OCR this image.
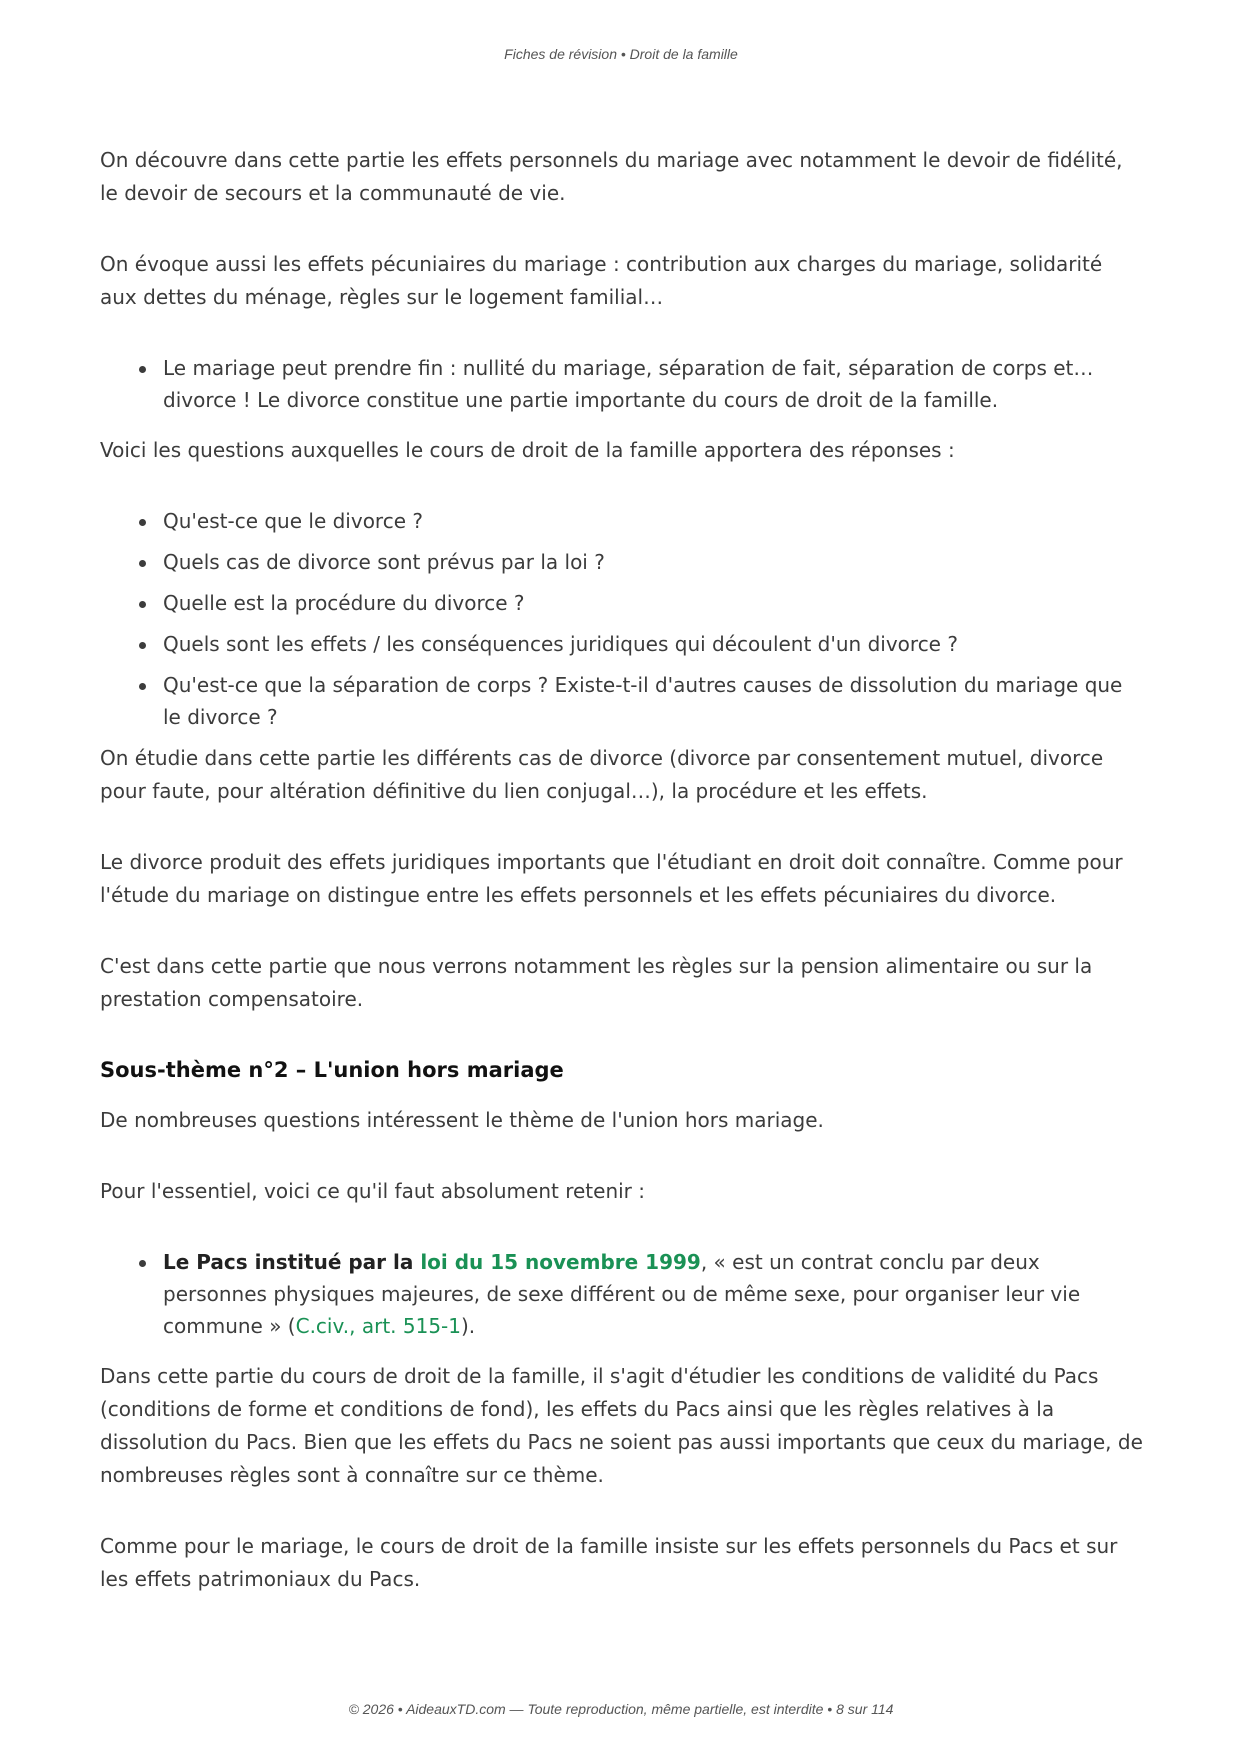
Fiches de révision • Droit de la famille

On découvre dans cette partie les effets personnels du mariage avec notamment le devoir de fidélité, le devoir de secours et la communauté de vie.

On évoque aussi les effets pécuniaires du mariage : contribution aux charges du mariage, solidarité aux dettes du ménage, règles sur le logement familial…

Le mariage peut prendre fin : nullité du mariage, séparation de fait, séparation de corps et… divorce ! Le divorce constitue une partie importante du cours de droit de la famille.

Voici les questions auxquelles le cours de droit de la famille apportera des réponses :

Qu'est-ce que le divorce ?
Quels cas de divorce sont prévus par la loi ?
Quelle est la procédure du divorce ?
Quels sont les effets / les conséquences juridiques qui découlent d'un divorce ?
Qu'est-ce que la séparation de corps ? Existe-t-il d'autres causes de dissolution du mariage que le divorce ?

On étudie dans cette partie les différents cas de divorce (divorce par consentement mutuel, divorce pour faute, pour altération définitive du lien conjugal…), la procédure et les effets.

Le divorce produit des effets juridiques importants que l'étudiant en droit doit connaître. Comme pour l'étude du mariage on distingue entre les effets personnels et les effets pécuniaires du divorce.

C'est dans cette partie que nous verrons notamment les règles sur la pension alimentaire ou sur la prestation compensatoire.

Sous-thème n°2 – L'union hors mariage

De nombreuses questions intéressent le thème de l'union hors mariage.

Pour l'essentiel, voici ce qu'il faut absolument retenir :

Le Pacs institué par la loi du 15 novembre 1999, « est un contrat conclu par deux personnes physiques majeures, de sexe différent ou de même sexe, pour organiser leur vie commune » (C.civ., art. 515-1).

Dans cette partie du cours de droit de la famille, il s'agit d'étudier les conditions de validité du Pacs (conditions de forme et conditions de fond), les effets du Pacs ainsi que les règles relatives à la dissolution du Pacs. Bien que les effets du Pacs ne soient pas aussi importants que ceux du mariage, de nombreuses règles sont à connaître sur ce thème.

Comme pour le mariage, le cours de droit de la famille insiste sur les effets personnels du Pacs et sur les effets patrimoniaux du Pacs.

© 2026 • AideauxTD.com — Toute reproduction, même partielle, est interdite • 8 sur 114
